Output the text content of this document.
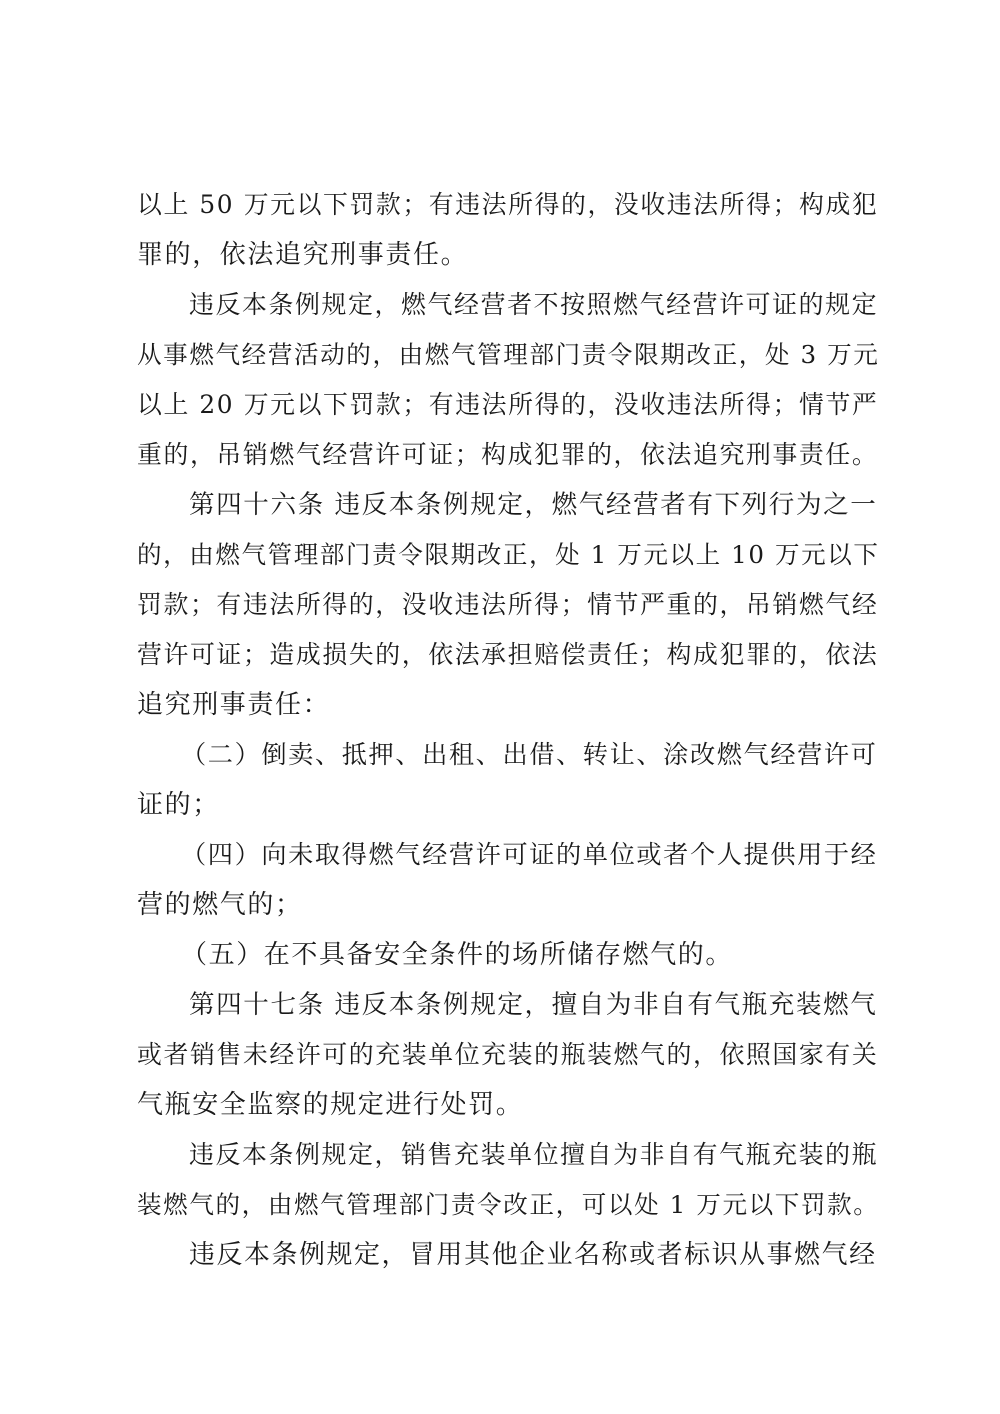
以上 50 万元以下罚款；有违法所得的，没收违法所得；构成犯
罪的，依法追究刑事责任。

违反本条例规定，燃气经营者不按照燃气经营许可证的规定
从事燃气经营活动的，由燃气管理部门责令限期改正，处 3 万元
以上 20 万元以下罚款；有违法所得的，没收违法所得；情节严
重的，吊销燃气经营许可证；构成犯罪的，依法追究刑事责任。

第四十六条 违反本条例规定，燃气经营者有下列行为之一
的，由燃气管理部门责令限期改正，处 1 万元以上 10 万元以下
罚款；有违法所得的，没收违法所得；情节严重的，吊销燃气经
营许可证；造成损失的，依法承担赔偿责任；构成犯罪的，依法
追究刑事责任：

（二）倒卖、抵押、出租、出借、转让、涂改燃气经营许可
证的；

（四）向未取得燃气经营许可证的单位或者个人提供用于经
营的燃气的；

（五）在不具备安全条件的场所储存燃气的。

第四十七条 违反本条例规定，擅自为非自有气瓶充装燃气
或者销售未经许可的充装单位充装的瓶装燃气的，依照国家有关
气瓶安全监察的规定进行处罚。

违反本条例规定，销售充装单位擅自为非自有气瓶充装的瓶
装燃气的，由燃气管理部门责令改正，可以处 1 万元以下罚款。

违反本条例规定，冒用其他企业名称或者标识从事燃气经
